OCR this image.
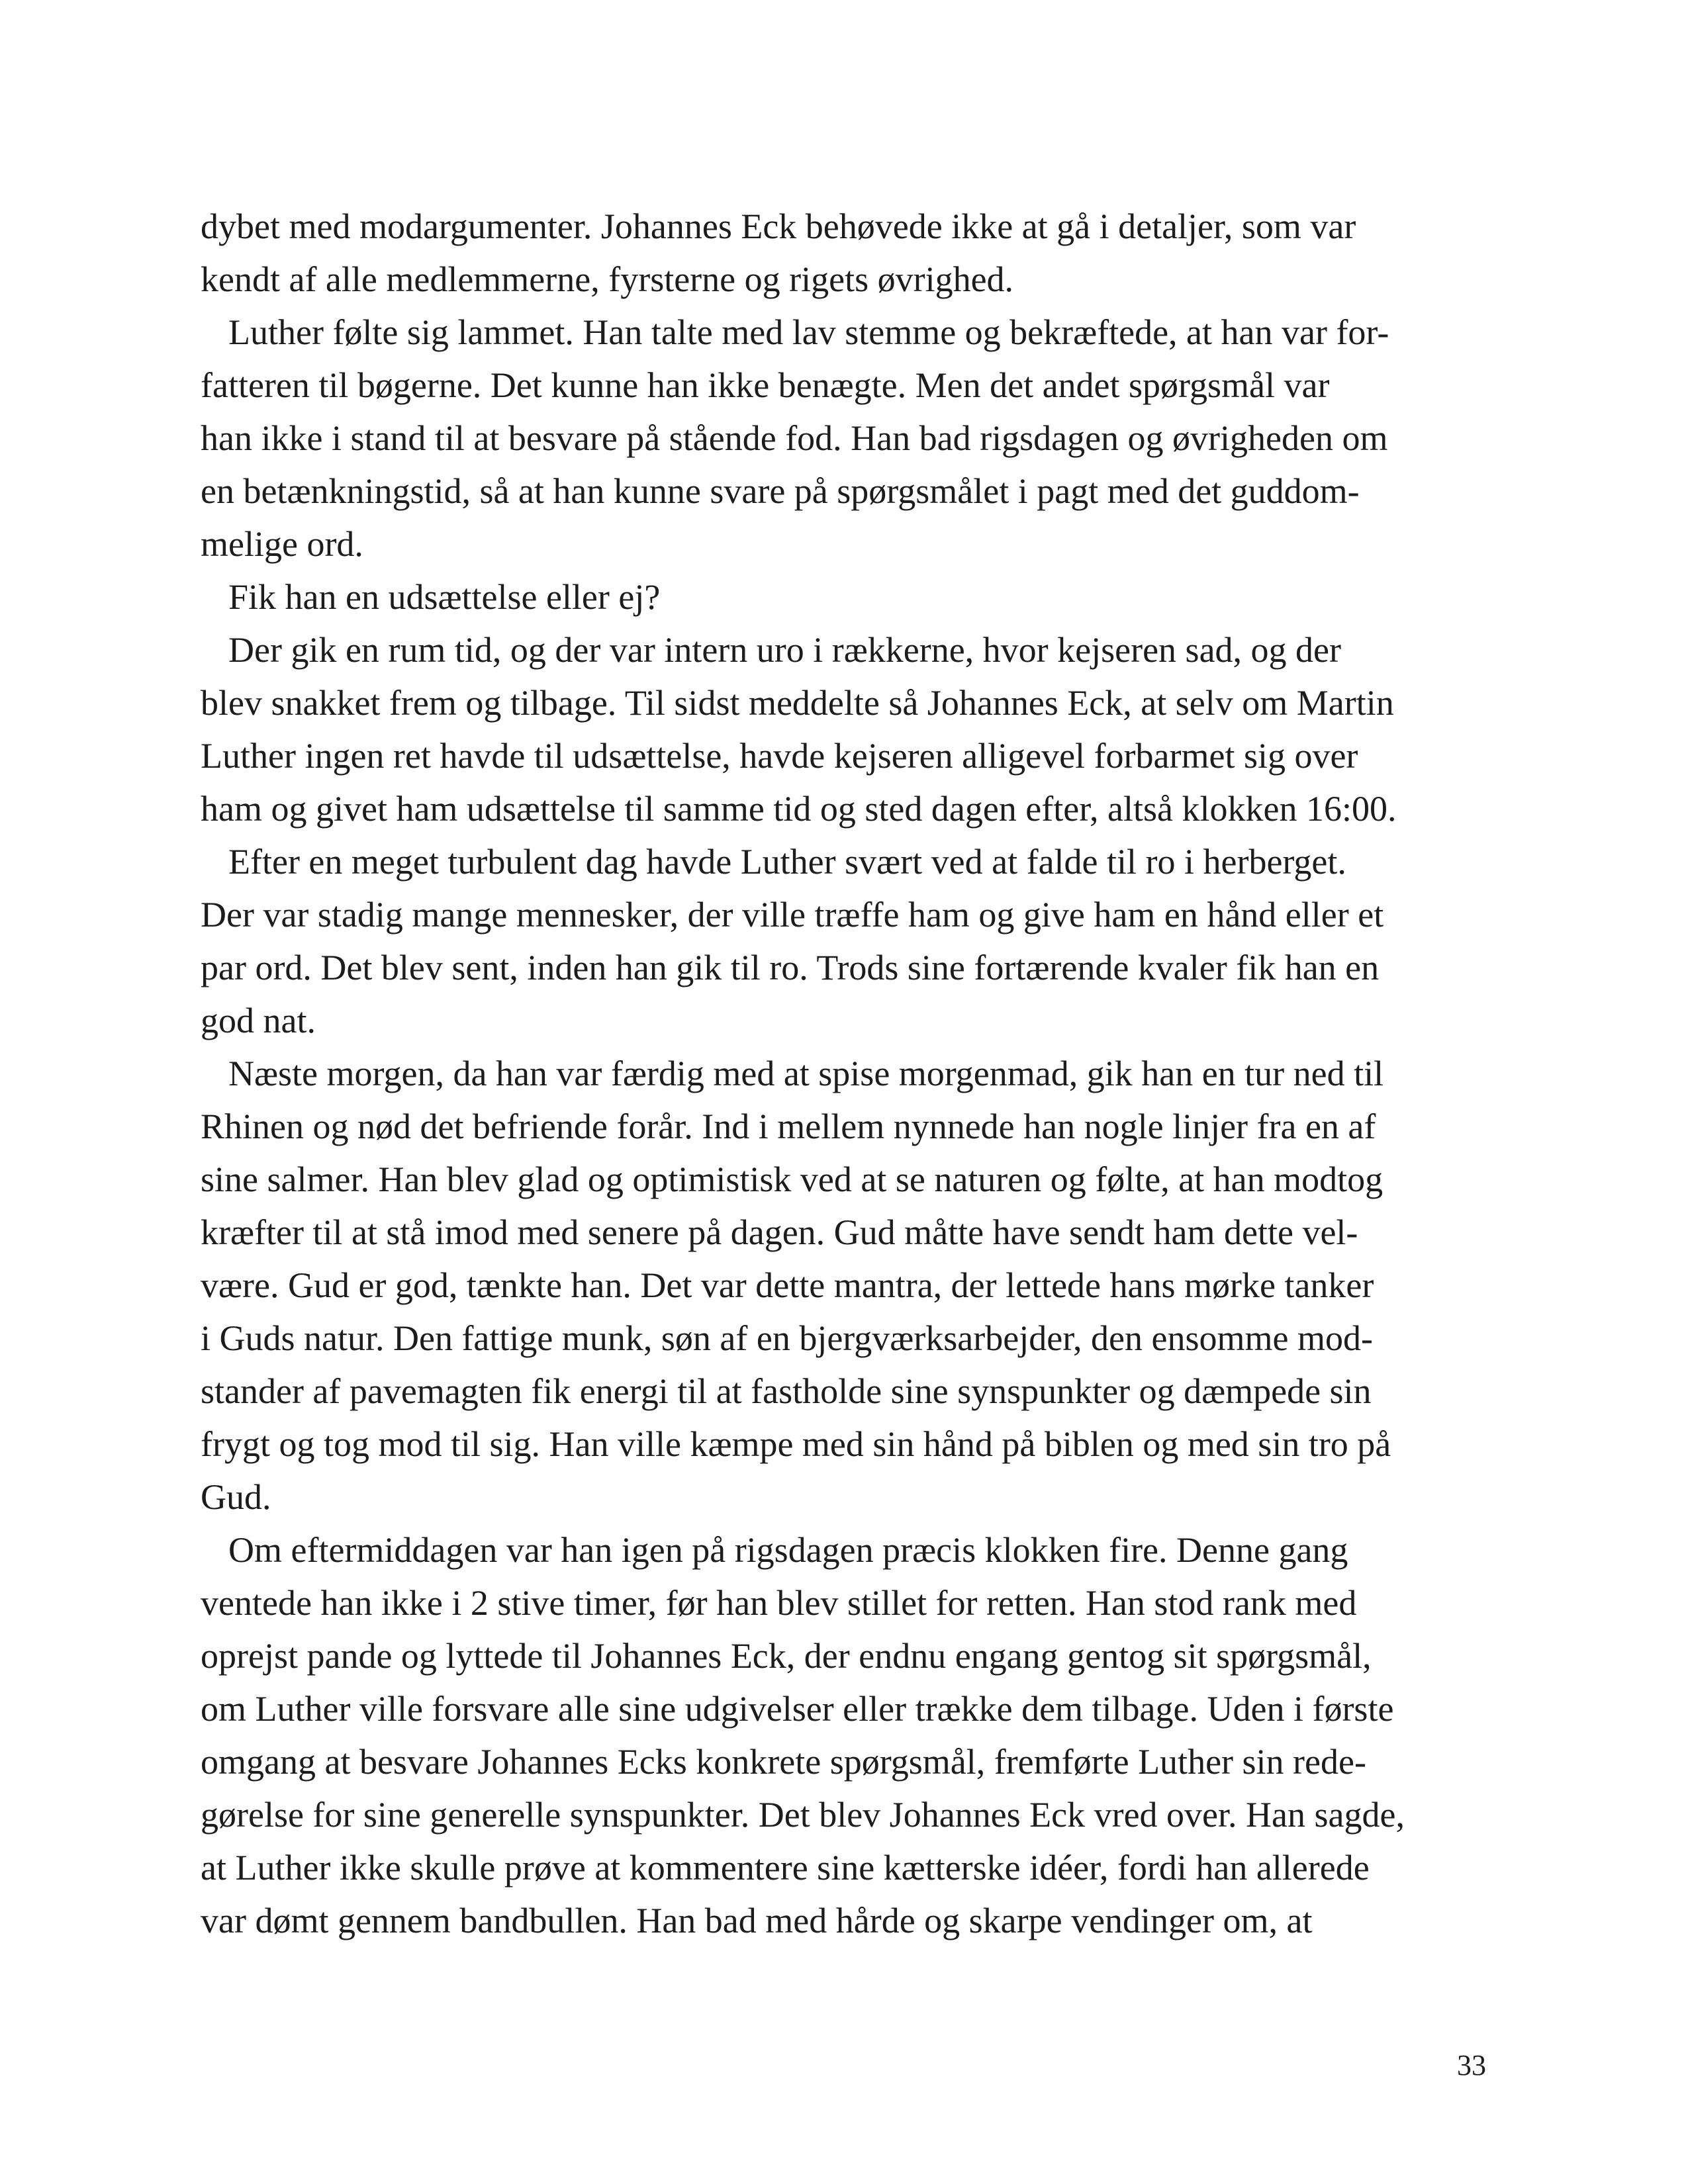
dybet med modargumenter. Johannes Eck behøvede ikke at gå i detaljer, som var
kendt af alle medlemmerne, fyrsterne og rigets øvrighed.
Luther følte sig lammet. Han talte med lav stemme og bekræftede, at han var for-
fatteren til bøgerne. Det kunne han ikke benægte. Men det andet spørgsmål var
han ikke i stand til at besvare på stående fod. Han bad rigsdagen og øvrigheden om
en betænkningstid, så at han kunne svare på spørgsmålet i pagt med det guddom-
melige ord.
Fik han en udsættelse eller ej?
Der gik en rum tid, og der var intern uro i rækkerne, hvor kejseren sad, og der
blev snakket frem og tilbage. Til sidst meddelte så Johannes Eck, at selv om Martin
Luther ingen ret havde til udsættelse, havde kejseren alligevel forbarmet sig over
ham og givet ham udsættelse til samme tid og sted dagen efter, altså klokken 16:00.
Efter en meget turbulent dag havde Luther svært ved at falde til ro i herberget.
Der var stadig mange mennesker, der ville træffe ham og give ham en hånd eller et
par ord. Det blev sent, inden han gik til ro. Trods sine fortærende kvaler fik han en
god nat.
Næste morgen, da han var færdig med at spise morgenmad, gik han en tur ned til
Rhinen og nød det befriende forår. Ind i mellem nynnede han nogle linjer fra en af
sine salmer. Han blev glad og optimistisk ved at se naturen og følte, at han modtog
kræfter til at stå imod med senere på dagen. Gud måtte have sendt ham dette vel-
være. Gud er god, tænkte han. Det var dette mantra, der lettede hans mørke tanker
i Guds natur. Den fattige munk, søn af en bjergværksarbejder, den ensomme mod-
stander af pavemagten fik energi til at fastholde sine synspunkter og dæmpede sin
frygt og tog mod til sig. Han ville kæmpe med sin hånd på biblen og med sin tro på
Gud.
Om eftermiddagen var han igen på rigsdagen præcis klokken fire. Denne gang
ventede han ikke i 2 stive timer, før han blev stillet for retten. Han stod rank med
oprejst pande og lyttede til Johannes Eck, der endnu engang gentog sit spørgsmål,
om Luther ville forsvare alle sine udgivelser eller trække dem tilbage. Uden i første
omgang at besvare Johannes Ecks konkrete spørgsmål, fremførte Luther sin rede-
gørelse for sine generelle synspunkter. Det blev Johannes Eck vred over. Han sagde,
at Luther ikke skulle prøve at kommentere sine kætterske idéer, fordi han allerede
var dømt gennem bandbullen. Han bad med hårde og skarpe vendinger om, at
33
